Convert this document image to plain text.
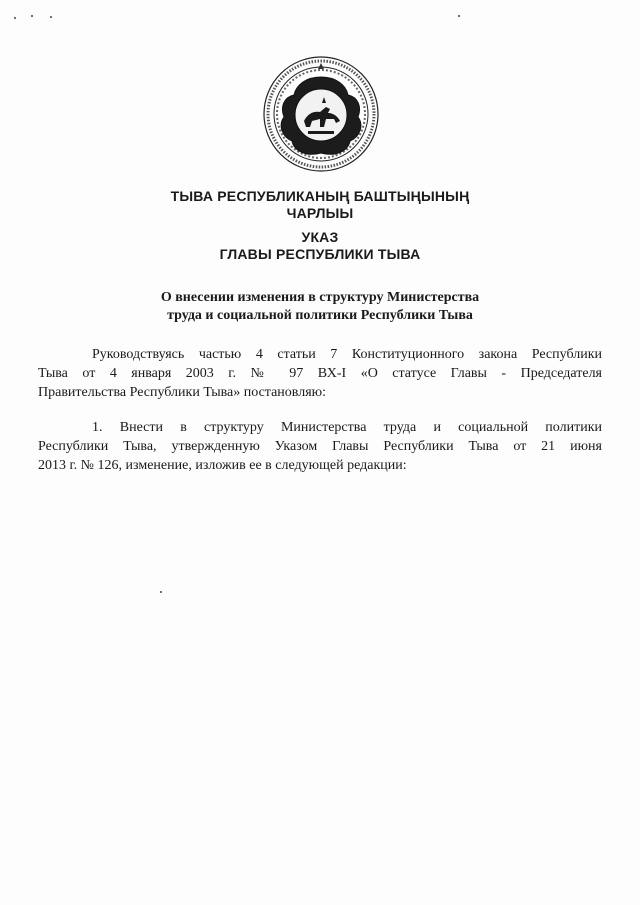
ТЫВА РЕСПУБЛИКАНЫҢ БАШТЫҢЫНЫҢ
ЧАРЛЫЫ
УКАЗ
ГЛАВЫ РЕСПУБЛИКИ ТЫВА
О внесении изменения в структуру Министерства
труда и социальной политики Республики Тыва
Руководствуясь частью 4 статьи 7 Конституционного закона Республики
Тыва от 4 января 2003 г. № 97 ВХ-I «О статусе Главы - Председателя
Правительства Республики Тыва» постановляю:
1. Внести в структуру Министерства труда и социальной политики
Республики Тыва, утвержденную Указом Главы Республики Тыва от 21 июня
2013 г. № 126, изменение, изложив ее в следующей редакции:
